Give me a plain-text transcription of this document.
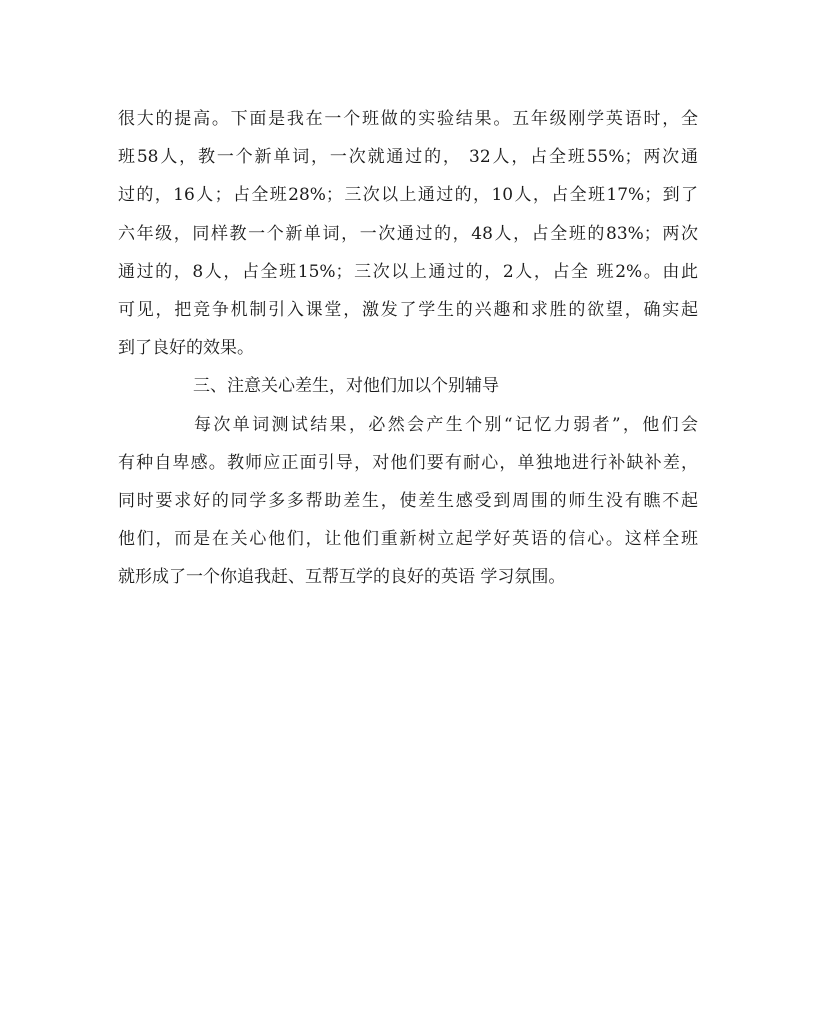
很大的提高。下面是我在一个班做的实验结果。五年级刚学英语时，全
班58人，教一个新单词，一次就通过的， 32人，占全班55%；两次通
过的，16人；占全班28%；三次以上通过的，10人，占全班17%；到了
六年级，同样教一个新单词，一次通过的，48人，占全班的83%；两次
通过的，8人，占全班15%；三次以上通过的，2人，占全 班2%。由此
可见，把竞争机制引入课堂，激发了学生的兴趣和求胜的欲望，确实起
到了良好的效果。
三、注意关心差生，对他们加以个别辅导
每次单词测试结果，必然会产生个别“记忆力弱者”，他们会
有种自卑感。教师应正面引导，对他们要有耐心，单独地进行补缺补差，
同时要求好的同学多多帮助差生，使差生感受到周围的师生没有瞧不起
他们，而是在关心他们，让他们重新树立起学好英语的信心。这样全班
就形成了一个你追我赶、互帮互学的良好的英语 学习氛围。
